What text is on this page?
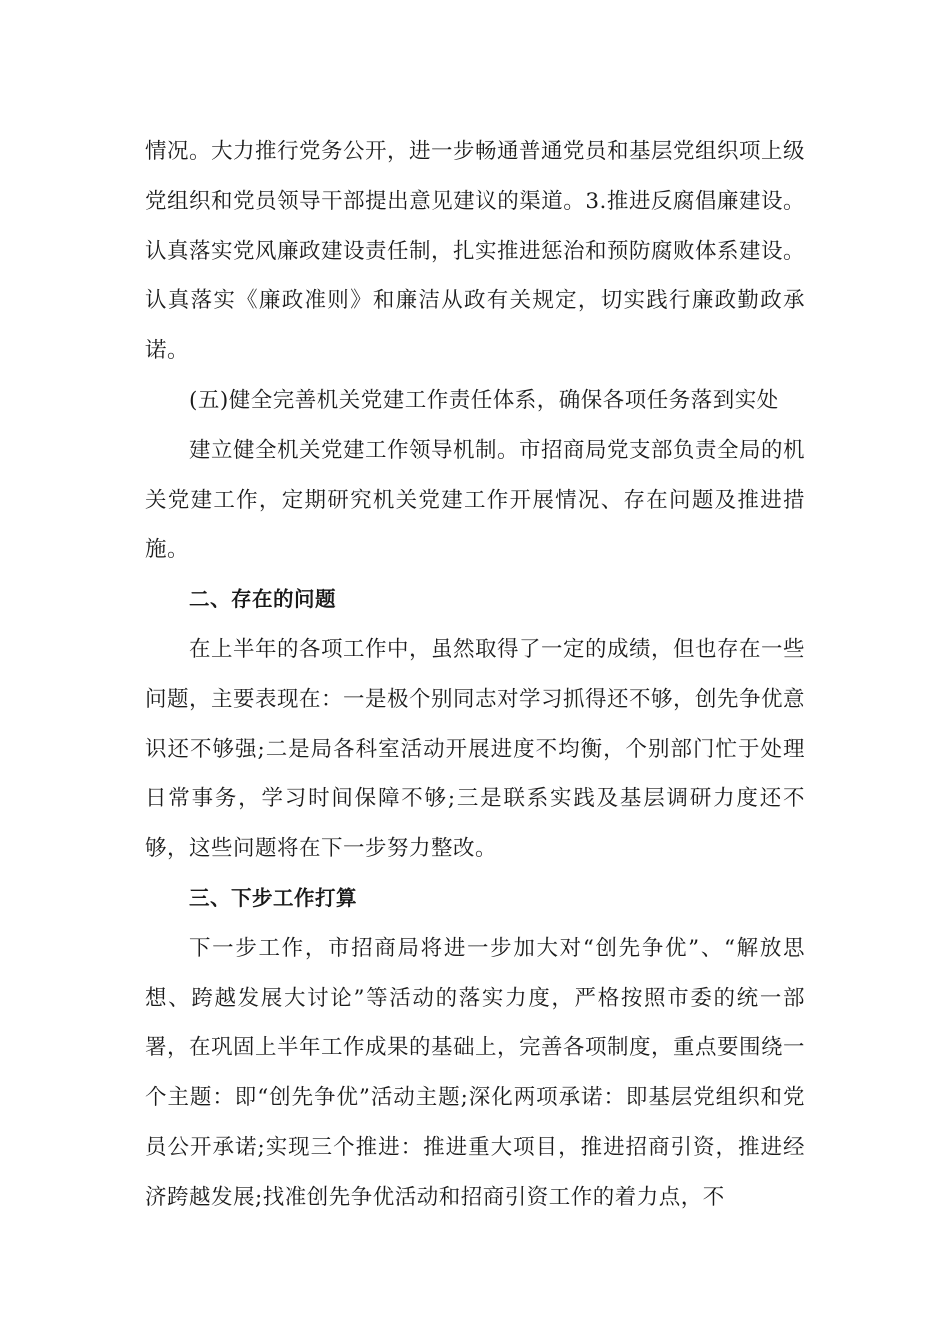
情况。大力推行党务公开，进一步畅通普通党员和基层党组织项上级党组织和党员领导干部提出意见建议的渠道。3.推进反腐倡廉建设。认真落实党风廉政建设责任制，扎实推进惩治和预防腐败体系建设。认真落实《廉政准则》和廉洁从政有关规定，切实践行廉政勤政承诺。

(五)健全完善机关党建工作责任体系，确保各项任务落到实处

建立健全机关党建工作领导机制。市招商局党支部负责全局的机关党建工作，定期研究机关党建工作开展情况、存在问题及推进措施。

二、存在的问题

在上半年的各项工作中，虽然取得了一定的成绩，但也存在一些问题，主要表现在：一是极个别同志对学习抓得还不够，创先争优意识还不够强;二是局各科室活动开展进度不均衡，个别部门忙于处理日常事务，学习时间保障不够;三是联系实践及基层调研力度还不够，这些问题将在下一步努力整改。

三、下步工作打算

下一步工作，市招商局将进一步加大对“创先争优”、“解放思想、跨越发展大讨论”等活动的落实力度，严格按照市委的统一部署，在巩固上半年工作成果的基础上，完善各项制度，重点要围绕一个主题：即“创先争优”活动主题;深化两项承诺：即基层党组织和党员公开承诺;实现三个推进：推进重大项目，推进招商引资，推进经济跨越发展;找准创先争优活动和招商引资工作的着力点，不
